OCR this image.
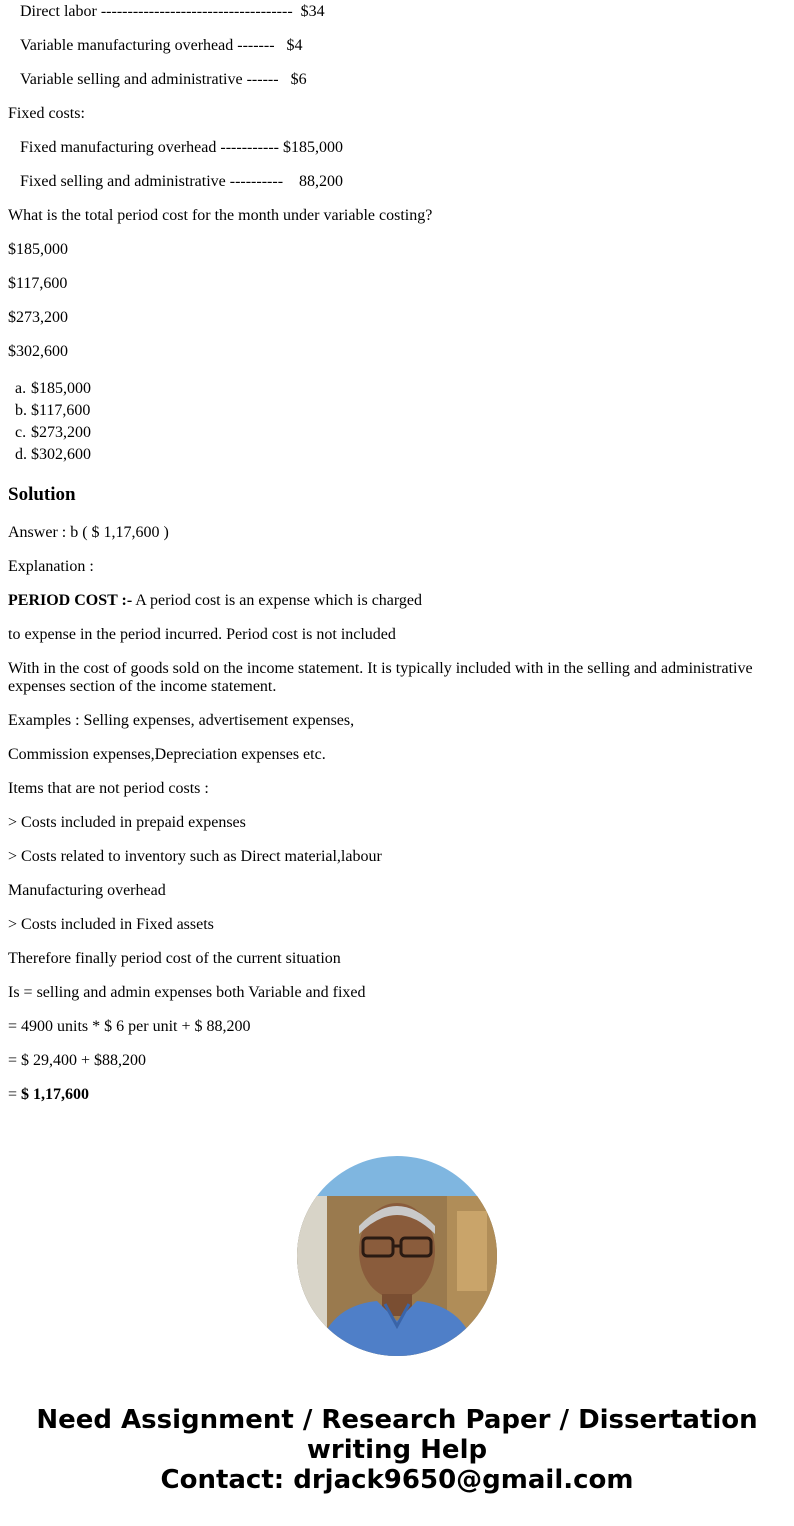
Direct labor ------------------------------------  $34

Variable manufacturing overhead -------   $4

Variable selling and administrative ------   $6

Fixed costs:

Fixed manufacturing overhead ----------- $185,000

Fixed selling and administrative ----------    88,200

What is the total period cost for the month under variable costing?

$185,000

$117,600

$273,200

$302,600

a. $185,000
b. $117,600
c. $273,200
d. $302,600
Solution

Answer : b ( $ 1,17,600 )

Explanation :

PERIOD COST :- A period cost is an expense which is charged

to expense in the period incurred. Period cost is not included

With in the cost of goods sold on the income statement. It is typically included with in the selling and administrative expenses section of the income statement.

Examples : Selling expenses, advertisement expenses,

Commission expenses,Depreciation expenses etc.

Items that are not period costs :

> Costs included in prepaid expenses

> Costs related to inventory such as Direct material,labour

Manufacturing overhead

> Costs included in Fixed assets

Therefore finally period cost of the current situation

Is = selling and admin expenses both Variable and fixed

= 4900 units * $ 6 per unit + $ 88,200

= $ 29,400 + $88,200

= $ 1,17,600

Need Assignment / Research Paper / Dissertation
writing Help
Contact: drjack9650@gmail.com
